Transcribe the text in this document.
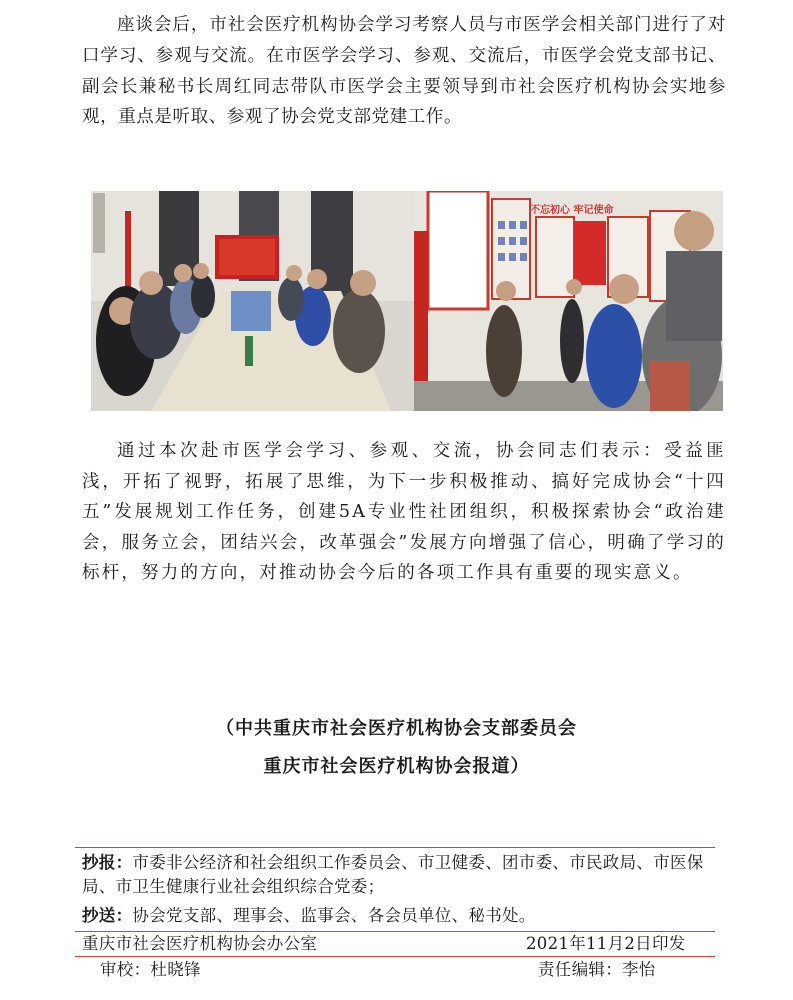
座谈会后，市社会医疗机构协会学习考察人员与市医学会相关部门进行了对口学习、参观与交流。在市医学会学习、参观、交流后，市医学会党支部书记、副会长兼秘书长周红同志带队市医学会主要领导到市社会医疗机构协会实地参观，重点是听取、参观了协会党支部党建工作。

不忘初心 牢记使命

通过本次赴市医学会学习、参观、交流，协会同志们表示：受益匪浅，开拓了视野，拓展了思维，为下一步积极推动、搞好完成协会“十四五”发展规划工作任务，创建5A专业性社团组织，积极探索协会“政治建会，服务立会，团结兴会，改革强会”发展方向增强了信心，明确了学习的标杆，努力的方向，对推动协会今后的各项工作具有重要的现实意义。

（中共重庆市社会医疗机构协会支部委员会
重庆市社会医疗机构协会报道）
抄报：市委非公经济和社会组织工作委员会、市卫健委、团市委、市民政局、市医保局、市卫生健康行业社会组织综合党委；
抄送：协会党支部、理事会、监事会、各会员单位、秘书处。
重庆市社会医疗机构协会办公室	2021年11月2日印发
审校：杜晓锋	责任编辑：李怡
